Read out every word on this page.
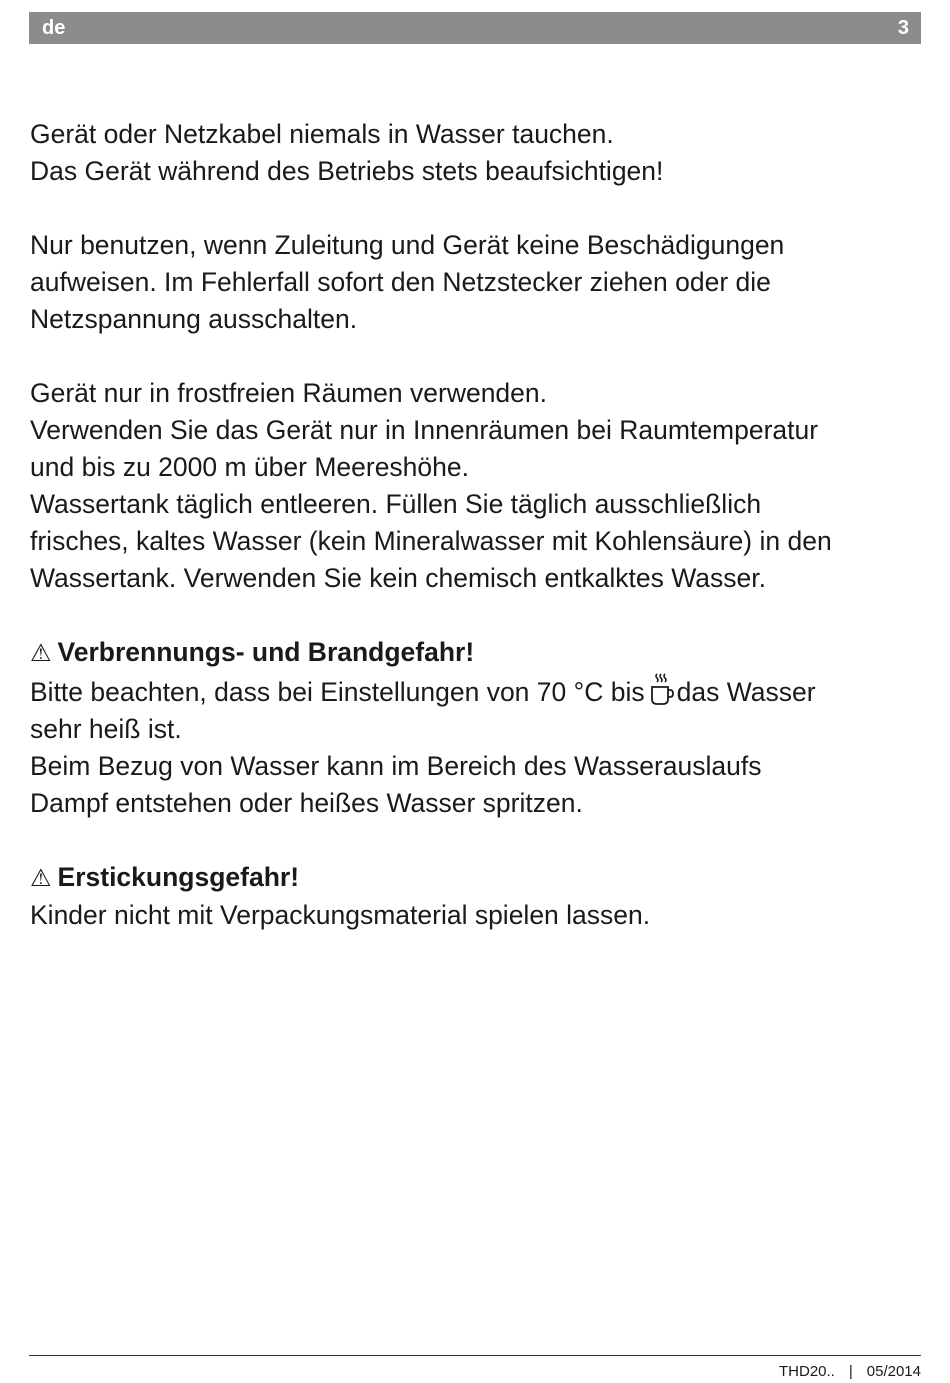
de	3
Gerät oder Netzkabel niemals in Wasser tauchen.
Das Gerät während des Betriebs stets beaufsichtigen!
Nur benutzen, wenn Zuleitung und Gerät keine Beschädigungen
aufweisen. Im Fehlerfall sofort den Netzstecker ziehen oder die
Netzspannung ausschalten.
Gerät nur in frostfreien Räumen verwenden.
Verwenden Sie das Gerät nur in Innenräumen bei Raumtemperatur
und bis zu 2000 m über Meereshöhe.
Wassertank täglich entleeren. Füllen Sie täglich ausschließlich
frisches, kaltes Wasser (kein Mineralwasser mit Kohlensäure) in den
Wassertank. Verwenden Sie kein chemisch entkalktes Wasser.
⚠ Verbrennungs- und Brandgefahr!
Bitte beachten, dass bei Einstellungen von 70 °C bis das Wasser
sehr heiß ist.
Beim Bezug von Wasser kann im Bereich des Wasserauslaufs
Dampf entstehen oder heißes Wasser spritzen.
⚠ Erstickungsgefahr!
Kinder nicht mit Verpackungsmaterial spielen lassen.
THD20.. | 05/2014
